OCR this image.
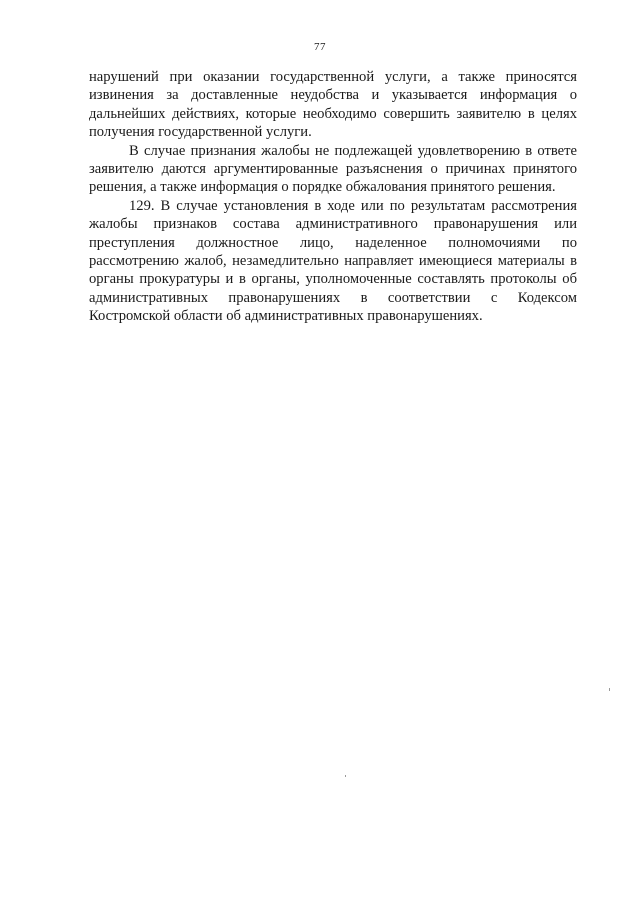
77

нарушений при оказании государственной услуги, а также приносятся извинения за доставленные неудобства и указывается информация о дальнейших действиях, которые необходимо совершить заявителю в целях получения государственной услуги.

В случае признания жалобы не подлежащей удовлетворению в ответе заявителю даются аргументированные разъяснения о причинах принятого решения, а также информация о порядке обжалования принятого решения.

129. В случае установления в ходе или по результатам рассмотрения жалобы признаков состава административного правонарушения или преступления должностное лицо, наделенное полномочиями по рассмотрению жалоб, незамедлительно направляет имеющиеся материалы в органы прокуратуры и в органы, уполномоченные составлять протоколы об административных правонарушениях в соответствии с Кодексом Костромской области об административных правонарушениях.
